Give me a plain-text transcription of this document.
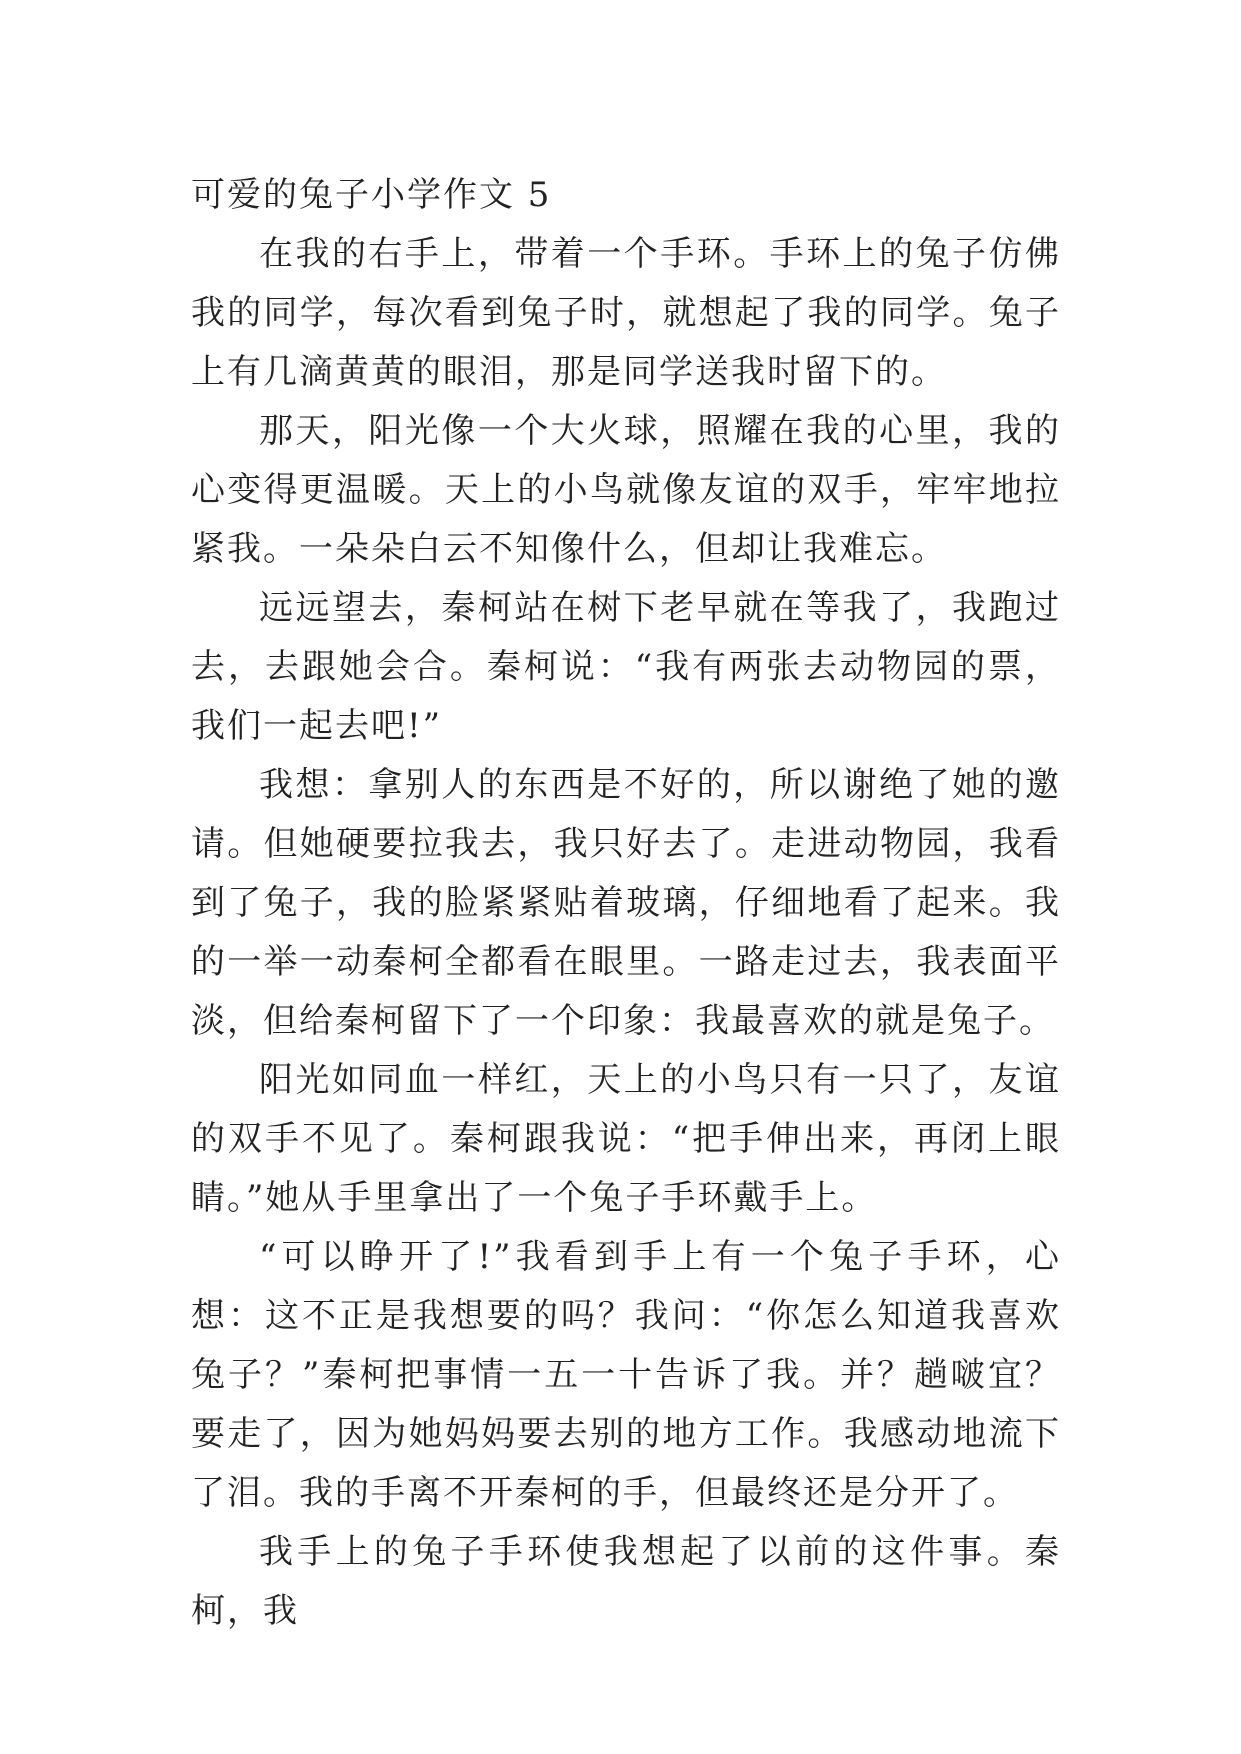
可爱的兔子小学作文 5

在我的右手上，带着一个手环。手环上的兔子仿佛我的同学，每次看到兔子时，就想起了我的同学。兔子上有几滴黄黄的眼泪，那是同学送我时留下的。

那天，阳光像一个大火球，照耀在我的心里，我的心变得更温暖。天上的小鸟就像友谊的双手，牢牢地拉紧我。一朵朵白云不知像什么，但却让我难忘。

远远望去，秦柯站在树下老早就在等我了，我跑过去，去跟她会合。秦柯说：“我有两张去动物园的票，我们一起去吧!”

我想：拿别人的东西是不好的，所以谢绝了她的邀请。但她硬要拉我去，我只好去了。走进动物园，我看到了兔子，我的脸紧紧贴着玻璃，仔细地看了起来。我的一举一动秦柯全都看在眼里。一路走过去，我表面平淡，但给秦柯留下了一个印象：我最喜欢的就是兔子。

阳光如同血一样红，天上的小鸟只有一只了，友谊的双手不见了。秦柯跟我说：“把手伸出来，再闭上眼睛。”她从手里拿出了一个兔子手环戴手上。

“可以睁开了!”我看到手上有一个兔子手环，心想：这不正是我想要的吗？我问：“你怎么知道我喜欢兔子？”秦柯把事情一五一十告诉了我。并？趟啵宜？要走了，因为她妈妈要去别的地方工作。我感动地流下了泪。我的手离不开秦柯的手，但最终还是分开了。

我手上的兔子手环使我想起了以前的这件事。秦柯，我
